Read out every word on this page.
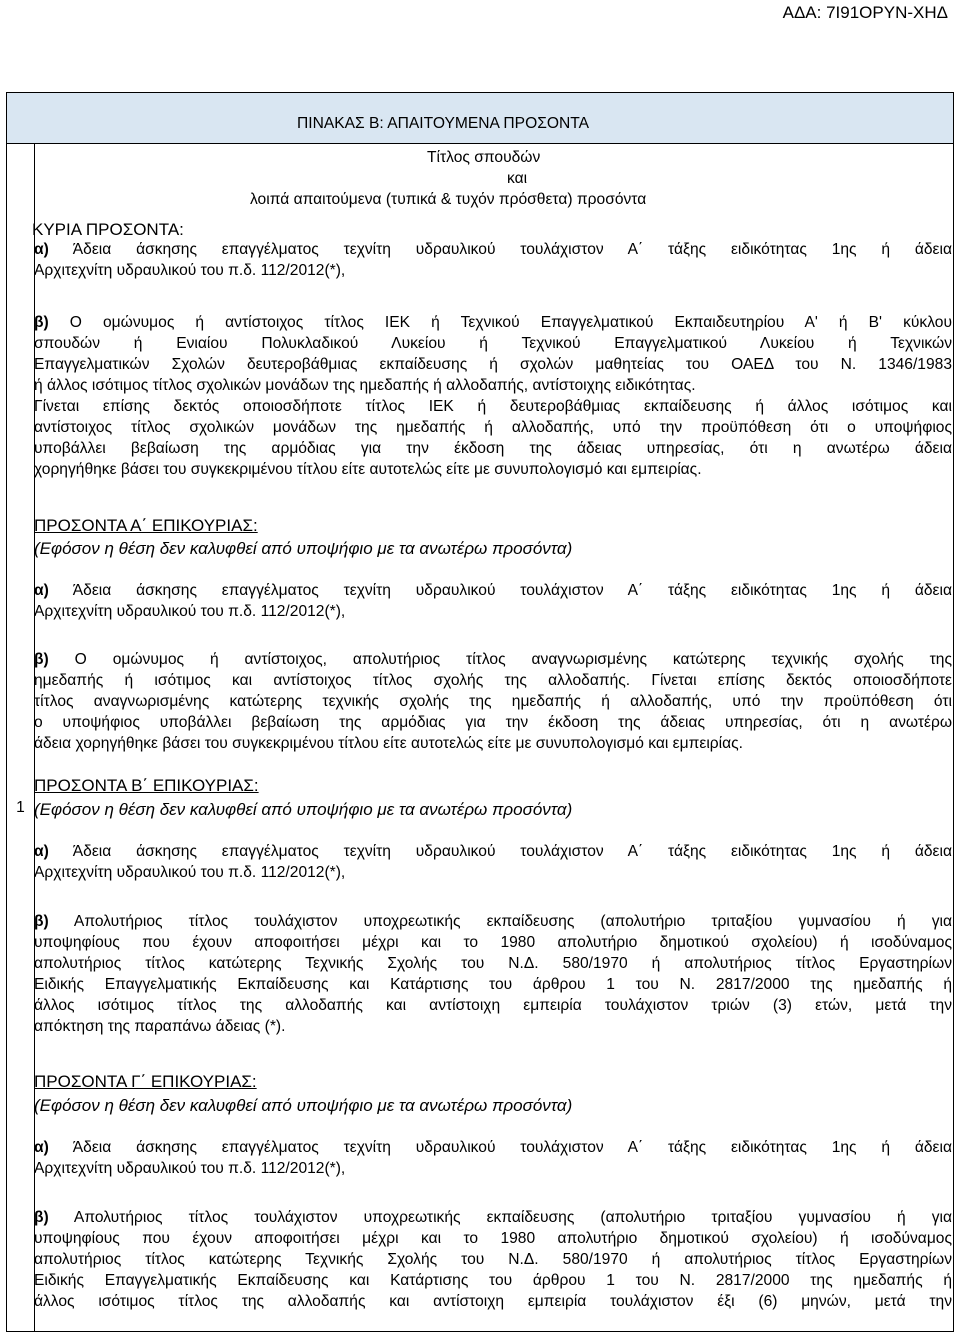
ΑΔΑ: 7Ι91ΟΡΥΝ-ΧΗΔ
ΠΙΝΑΚΑΣ Β: ΑΠΑΙΤΟΥΜΕΝΑ ΠΡΟΣΟΝΤΑ
1
Τίτλος σπουδών
και
λοιπά απαιτούμενα (τυπικά & τυχόν πρόσθετα) προσόντα
ΚΥΡΙΑ ΠΡΟΣΟΝΤΑ:
α) Άδεια άσκησης επαγγέλματος τεχνίτη υδραυλικού τουλάχιστον Α΄ τάξης ειδικότητας 1ης ή άδεια
Αρχιτεχνίτη υδραυλικού του π.δ. 112/2012(*),
β) Ο ομώνυμος ή αντίστοιχος τίτλος ΙΕΚ ή Τεχνικού Επαγγελματικού Εκπαιδευτηρίου Α' ή Β' κύκλου
σπουδών ή Ενιαίου Πολυκλαδικού Λυκείου ή Τεχνικού Επαγγελματικού Λυκείου ή Τεχνικών
Επαγγελματικών Σχολών δευτεροβάθμιας εκπαίδευσης ή σχολών μαθητείας του ΟΑΕΔ του Ν. 1346/1983
ή άλλος ισότιμος τίτλος σχολικών μονάδων της ημεδαπής ή αλλοδαπής, αντίστοιχης ειδικότητας.
Γίνεται επίσης δεκτός οποιοσδήποτε τίτλος ΙΕΚ ή δευτεροβάθμιας εκπαίδευσης ή άλλος ισότιμος και
αντίστοιχος τίτλος σχολικών μονάδων της ημεδαπής ή αλλοδαπής, υπό την προϋπόθεση ότι ο υποψήφιος
υποβάλλει βεβαίωση της αρμόδιας για την έκδοση της άδειας υπηρεσίας, ότι η ανωτέρω άδεια
χορηγήθηκε βάσει του συγκεκριμένου τίτλου είτε αυτοτελώς είτε με συνυπολογισμό και εμπειρίας.
ΠΡΟΣΟΝΤΑ Α΄ ΕΠΙΚΟΥΡΙΑΣ:
(Εφόσον η θέση δεν καλυφθεί από υποψήφιο με τα ανωτέρω προσόντα)
α) Άδεια άσκησης επαγγέλματος τεχνίτη υδραυλικού τουλάχιστον Α΄ τάξης ειδικότητας 1ης ή άδεια
Αρχιτεχνίτη υδραυλικού του π.δ. 112/2012(*),
β) Ο ομώνυμος ή αντίστοιχος, απολυτήριος τίτλος αναγνωρισμένης κατώτερης τεχνικής σχολής της
ημεδαπής ή ισότιμος και αντίστοιχος τίτλος σχολής της αλλοδαπής. Γίνεται επίσης δεκτός οποιοσδήποτε
τίτλος αναγνωρισμένης κατώτερης τεχνικής σχολής της ημεδαπής ή αλλοδαπής, υπό την προϋπόθεση ότι
ο υποψήφιος υποβάλλει βεβαίωση της αρμόδιας για την έκδοση της άδειας υπηρεσίας, ότι η ανωτέρω
άδεια χορηγήθηκε βάσει του συγκεκριμένου τίτλου είτε αυτοτελώς είτε με συνυπολογισμό και εμπειρίας.
ΠΡΟΣΟΝΤΑ Β΄ ΕΠΙΚΟΥΡΙΑΣ:
(Εφόσον η θέση δεν καλυφθεί από υποψήφιο με τα ανωτέρω προσόντα)
α) Άδεια άσκησης επαγγέλματος τεχνίτη υδραυλικού τουλάχιστον Α΄ τάξης ειδικότητας 1ης ή άδεια
Αρχιτεχνίτη υδραυλικού του π.δ. 112/2012(*),
β) Απολυτήριος τίτλος τουλάχιστον υποχρεωτικής εκπαίδευσης (απολυτήριο τριταξίου γυμνασίου ή για
υποψηφίους που έχουν αποφοιτήσει μέχρι και το 1980 απολυτήριο δημοτικού σχολείου) ή ισοδύναμος
απολυτήριος τίτλος κατώτερης Τεχνικής Σχολής του Ν.Δ. 580/1970 ή απολυτήριος τίτλος Εργαστηρίων
Ειδικής Επαγγελματικής Εκπαίδευσης και Κατάρτισης του άρθρου 1 του Ν. 2817/2000 της ημεδαπής ή
άλλος ισότιμος τίτλος της αλλοδαπής και αντίστοιχη εμπειρία τουλάχιστον τριών (3) ετών, μετά την
απόκτηση της παραπάνω άδειας (*).
ΠΡΟΣΟΝΤΑ Γ΄ ΕΠΙΚΟΥΡΙΑΣ:
(Εφόσον η θέση δεν καλυφθεί από υποψήφιο με τα ανωτέρω προσόντα)
α) Άδεια άσκησης επαγγέλματος τεχνίτη υδραυλικού τουλάχιστον Α΄ τάξης ειδικότητας 1ης ή άδεια
Αρχιτεχνίτη υδραυλικού του π.δ. 112/2012(*),
β) Απολυτήριος τίτλος τουλάχιστον υποχρεωτικής εκπαίδευσης (απολυτήριο τριταξίου γυμνασίου ή για
υποψηφίους που έχουν αποφοιτήσει μέχρι και το 1980 απολυτήριο δημοτικού σχολείου) ή ισοδύναμος
απολυτήριος τίτλος κατώτερης Τεχνικής Σχολής του Ν.Δ. 580/1970 ή απολυτήριος τίτλος Εργαστηρίων
Ειδικής Επαγγελματικής Εκπαίδευσης και Κατάρτισης του άρθρου 1 του Ν. 2817/2000 της ημεδαπής ή
άλλος ισότιμος τίτλος της αλλοδαπής και αντίστοιχη εμπειρία τουλάχιστον έξι (6) μηνών, μετά την
